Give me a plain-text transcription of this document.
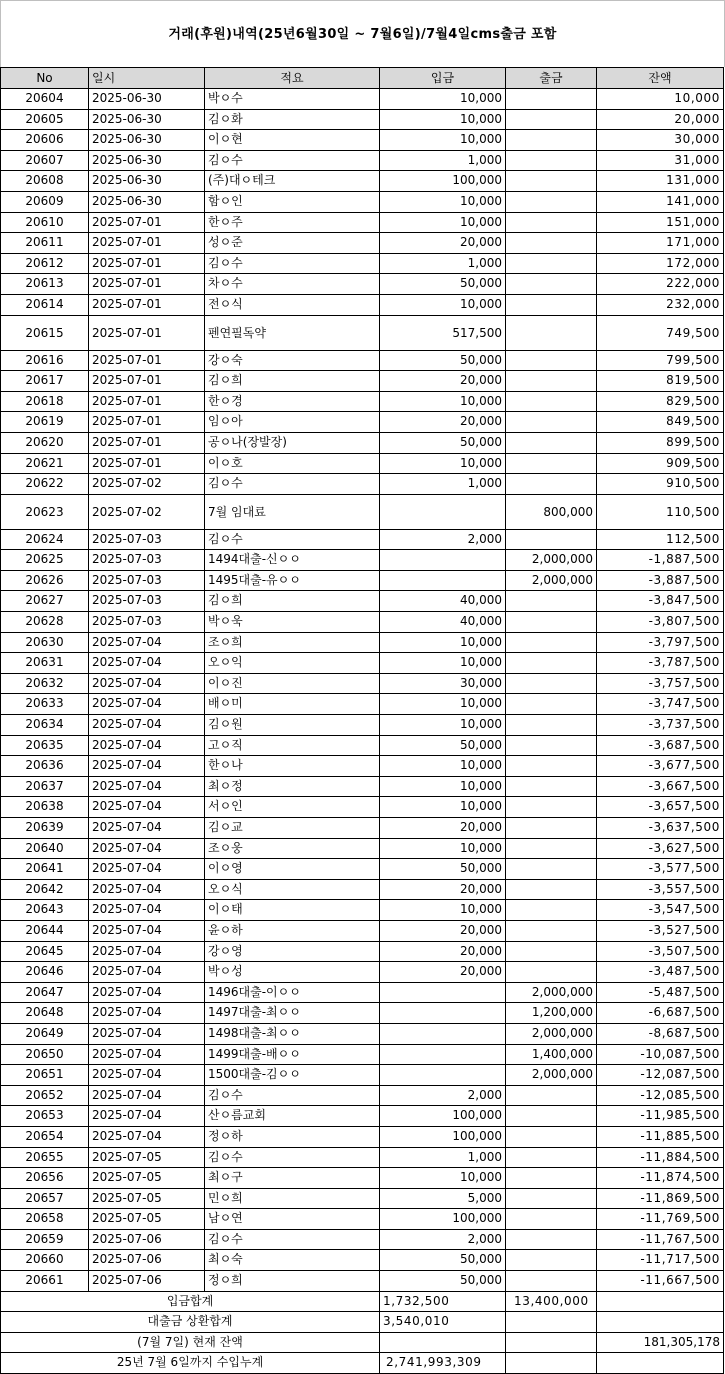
거래(후원)내역(25년6월30일 ~ 7월6일)/7월4일cms출금 포함
No	일시	적요	입금	출금	잔액
20604	2025-06-30	박ㅇ수	10,000		10,000
20605	2025-06-30	김ㅇ화	10,000		20,000
20606	2025-06-30	이ㅇ현	10,000		30,000
20607	2025-06-30	김ㅇ수	1,000		31,000
20608	2025-06-30	(주)대ㅇ테크	100,000		131,000
20609	2025-06-30	함ㅇ인	10,000		141,000
20610	2025-07-01	한ㅇ주	10,000		151,000
20611	2025-07-01	성ㅇ준	20,000		171,000
20612	2025-07-01	김ㅇ수	1,000		172,000
20613	2025-07-01	차ㅇ수	50,000		222,000
20614	2025-07-01	전ㅇ식	10,000		232,000
20615	2025-07-01	펜연필독약	517,500		749,500
20616	2025-07-01	강ㅇ숙	50,000		799,500
20617	2025-07-01	김ㅇ희	20,000		819,500
20618	2025-07-01	한ㅇ경	10,000		829,500
20619	2025-07-01	임ㅇ아	20,000		849,500
20620	2025-07-01	공ㅇ나(장발장)	50,000		899,500
20621	2025-07-01	이ㅇ호	10,000		909,500
20622	2025-07-02	김ㅇ수	1,000		910,500
20623	2025-07-02	7월 임대료		800,000	110,500
20624	2025-07-03	김ㅇ수	2,000		112,500
20625	2025-07-03	1494대출-신ㅇㅇ		2,000,000	-1,887,500
20626	2025-07-03	1495대출-유ㅇㅇ		2,000,000	-3,887,500
20627	2025-07-03	김ㅇ희	40,000		-3,847,500
20628	2025-07-03	박ㅇ욱	40,000		-3,807,500
20630	2025-07-04	조ㅇ희	10,000		-3,797,500
20631	2025-07-04	오ㅇ익	10,000		-3,787,500
20632	2025-07-04	이ㅇ진	30,000		-3,757,500
20633	2025-07-04	배ㅇ미	10,000		-3,747,500
20634	2025-07-04	김ㅇ원	10,000		-3,737,500
20635	2025-07-04	고ㅇ직	50,000		-3,687,500
20636	2025-07-04	한ㅇ나	10,000		-3,677,500
20637	2025-07-04	최ㅇ정	10,000		-3,667,500
20638	2025-07-04	서ㅇ인	10,000		-3,657,500
20639	2025-07-04	김ㅇ교	20,000		-3,637,500
20640	2025-07-04	조ㅇ웅	10,000		-3,627,500
20641	2025-07-04	이ㅇ영	50,000		-3,577,500
20642	2025-07-04	오ㅇ식	20,000		-3,557,500
20643	2025-07-04	이ㅇ태	10,000		-3,547,500
20644	2025-07-04	윤ㅇ하	20,000		-3,527,500
20645	2025-07-04	강ㅇ영	20,000		-3,507,500
20646	2025-07-04	박ㅇ성	20,000		-3,487,500
20647	2025-07-04	1496대출-이ㅇㅇ		2,000,000	-5,487,500
20648	2025-07-04	1497대출-최ㅇㅇ		1,200,000	-6,687,500
20649	2025-07-04	1498대출-최ㅇㅇ		2,000,000	-8,687,500
20650	2025-07-04	1499대출-배ㅇㅇ		1,400,000	-10,087,500
20651	2025-07-04	1500대출-김ㅇㅇ		2,000,000	-12,087,500
20652	2025-07-04	김ㅇ수	2,000		-12,085,500
20653	2025-07-04	산ㅇ름교회	100,000		-11,985,500
20654	2025-07-04	정ㅇ하	100,000		-11,885,500
20655	2025-07-05	김ㅇ수	1,000		-11,884,500
20656	2025-07-05	최ㅇ구	10,000		-11,874,500
20657	2025-07-05	민ㅇ희	5,000		-11,869,500
20658	2025-07-05	남ㅇ연	100,000		-11,769,500
20659	2025-07-06	김ㅇ수	2,000		-11,767,500
20660	2025-07-06	최ㅇ숙	50,000		-11,717,500
20661	2025-07-06	정ㅇ희	50,000		-11,667,500
입금합계			1,732,500	13,400,000	
대출금 상환합계			3,540,010		
(7월 7일) 현재 잔액					181,305,178
25년 7월 6일까지 수입누계			2,741,993,309		
